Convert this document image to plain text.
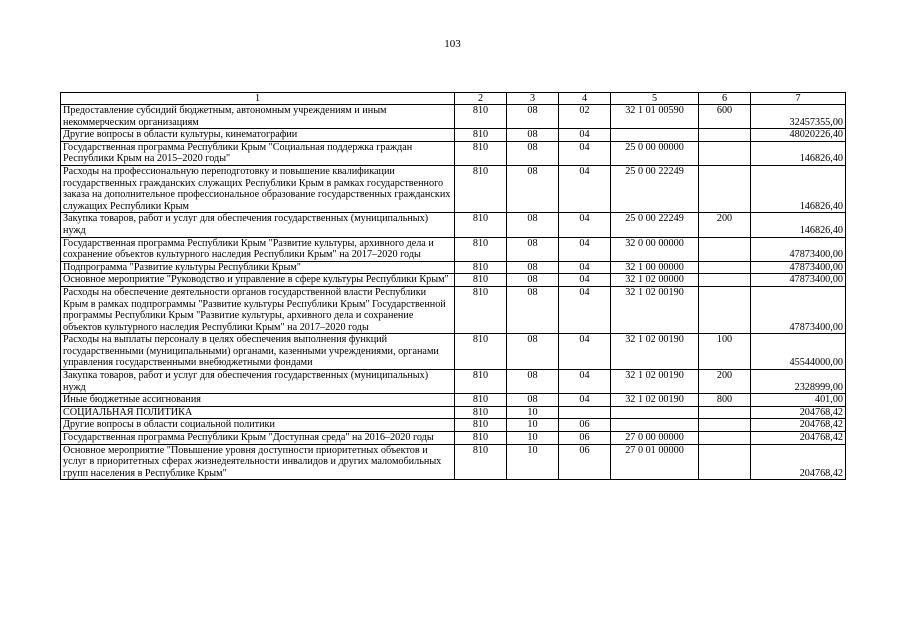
103
1	2	3	4	5	6	7
Предоставление субсидий бюджетным, автономным учреждениям и иным некоммерческим организациям	810	08	02	32 1 01 00590	600	32457355,00
Другие вопросы в области культуры, кинематографии	810	08	04			48020226,40
Государственная программа Республики Крым "Социальная поддержка граждан Республики Крым на 2015–2020 годы"	810	08	04	25 0 00 00000		146826,40
Расходы на профессиональную переподготовку и повышение квалификации государственных гражданских служащих Республики Крым в рамках государственного заказа на дополнительное профессиональное образование государственных гражданских служащих Республики Крым	810	08	04	25 0 00 22249		146826,40
Закупка товаров, работ и услуг для обеспечения государственных (муниципальных) нужд	810	08	04	25 0 00 22249	200	146826,40
Государственная программа Республики Крым "Развитие культуры, архивного дела и сохранение объектов культурного наследия Республики Крым" на 2017–2020 годы	810	08	04	32 0 00 00000		47873400,00
Подпрограмма "Развитие культуры Республики Крым"	810	08	04	32 1 00 00000		47873400,00
Основное мероприятие "Руководство и управление в сфере культуры Республики Крым"	810	08	04	32 1 02 00000		47873400,00
Расходы на обеспечение деятельности органов государственной власти Республики Крым в рамках подпрограммы "Развитие культуры Республики Крым" Государственной программы Республики Крым "Развитие культуры, архивного дела и сохранение объектов культурного наследия Республики Крым" на 2017–2020 годы	810	08	04	32 1 02 00190		47873400,00
Расходы на выплаты персоналу в целях обеспечения выполнения функций государственными (муниципальными) органами, казенными учреждениями, органами управления государственными внебюджетными фондами	810	08	04	32 1 02 00190	100	45544000,00
Закупка товаров, работ и услуг для обеспечения государственных (муниципальных) нужд	810	08	04	32 1 02 00190	200	2328999,00
Иные бюджетные ассигнования	810	08	04	32 1 02 00190	800	401,00
СОЦИАЛЬНАЯ ПОЛИТИКА	810	10				204768,42
Другие вопросы в области социальной политики	810	10	06			204768,42
Государственная программа Республики Крым "Доступная среда" на 2016–2020 годы	810	10	06	27 0 00 00000		204768,42
Основное мероприятие "Повышение уровня доступности приоритетных объектов и услуг в приоритетных сферах жизнедеятельности инвалидов и других маломобильных групп населения в Республике Крым"	810	10	06	27 0 01 00000		204768,42
